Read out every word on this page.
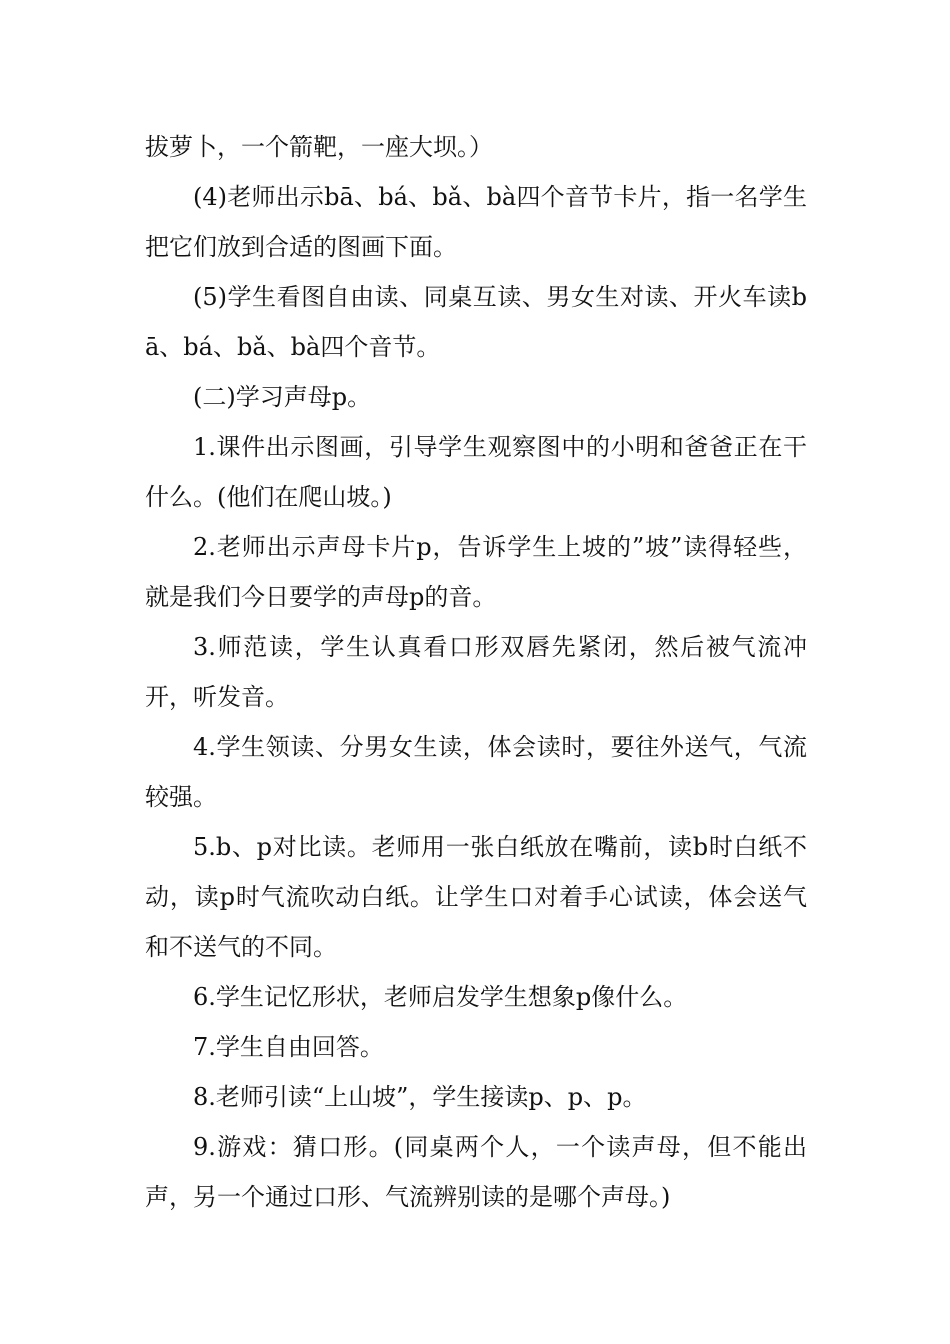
拔萝卜，一个箭靶，一座大坝。）

(4)老师出示bā、bá、bǎ、bà四个音节卡片，指一名学生把它们放到合适的图画下面。

(5)学生看图自由读、同桌互读、男女生对读、开火车读bā、bá、bǎ、bà四个音节。

(二)学习声母p。

1.课件出示图画，引导学生观察图中的小明和爸爸正在干什么。(他们在爬山坡。)

2.老师出示声母卡片p，告诉学生上坡的”坡”读得轻些，就是我们今日要学的声母p的音。

3.师范读，学生认真看口形双唇先紧闭，然后被气流冲开，听发音。

4.学生领读、分男女生读，体会读时，要往外送气，气流较强。

5.b、p对比读。老师用一张白纸放在嘴前，读b时白纸不动，读p时气流吹动白纸。让学生口对着手心试读，体会送气和不送气的不同。

6.学生记忆形状，老师启发学生想象p像什么。

7.学生自由回答。

8.老师引读“上山坡”，学生接读p、p、p。

9.游戏：猜口形。(同桌两个人，一个读声母，但不能出声，另一个通过口形、气流辨别读的是哪个声母。)
